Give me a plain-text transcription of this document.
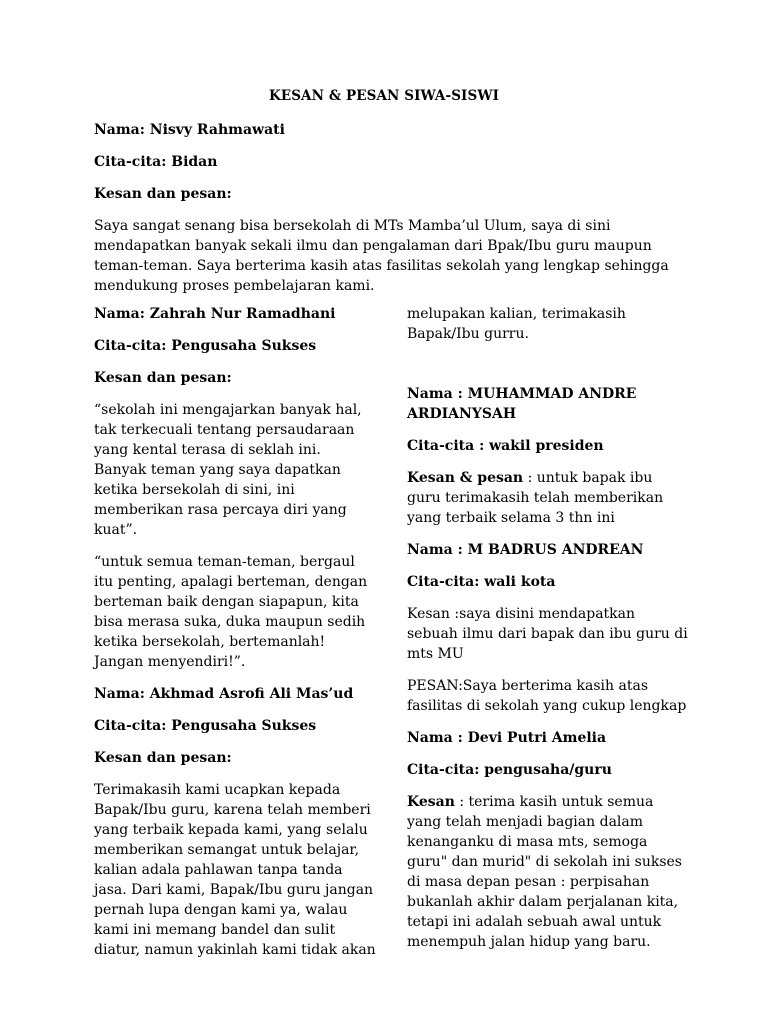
KESAN & PESAN SIWA-SISWI

Nama: Nisvy Rahmawati

Cita-cita: Bidan

Kesan dan pesan:

Saya sangat senang bisa bersekolah di MTs Mamba’ul Ulum, saya di sini mendapatkan banyak sekali ilmu dan pengalaman dari Bpak/Ibu guru maupun teman-teman. Saya berterima kasih atas fasilitas sekolah yang lengkap sehingga mendukung proses pembelajaran kami.

Nama: Zahrah Nur Ramadhani

Cita-cita: Pengusaha Sukses

Kesan dan pesan:

“sekolah ini mengajarkan banyak hal, tak terkecuali tentang persaudaraan yang kental terasa di seklah ini. Banyak teman yang saya dapatkan ketika bersekolah di sini, ini memberikan rasa percaya diri yang kuat”.

“untuk semua teman-teman, bergaul itu penting, apalagi berteman, dengan berteman baik dengan siapapun, kita bisa merasa suka, duka maupun sedih ketika bersekolah, bertemanlah! Jangan menyendiri!”.

Nama: Akhmad Asrofi Ali Mas’ud

Cita-cita: Pengusaha Sukses

Kesan dan pesan:

Terimakasih kami ucapkan kepada Bapak/Ibu guru, karena telah memberi yang terbaik kepada kami, yang selalu memberikan semangat untuk belajar, kalian adala pahlawan tanpa tanda jasa. Dari kami, Bapak/Ibu guru jangan pernah lupa dengan kami ya, walau kami ini memang bandel dan sulit diatur, namun yakinlah kami tidak akan

melupakan kalian, terimakasih Bapak/Ibu gurru.

Nama : MUHAMMAD ANDRE ARDIANYSAH

Cita-cita : wakil presiden

Kesan & pesan : untuk bapak ibu guru terimakasih telah memberikan yang terbaik selama 3 thn ini

Nama : M BADRUS ANDREAN

Cita-cita: wali kota

Kesan :saya disini mendapatkan sebuah ilmu dari bapak dan ibu guru di mts MU

PESAN:Saya berterima kasih atas fasilitas di sekolah yang cukup lengkap

Nama : Devi Putri Amelia

Cita-cita: pengusaha/guru

Kesan : terima kasih untuk semua yang telah menjadi bagian dalam kenanganku di masa mts, semoga guru" dan murid" di sekolah ini sukses di masa depan pesan : perpisahan bukanlah akhir dalam perjalanan kita, tetapi ini adalah sebuah awal untuk menempuh jalan hidup yang baru.
